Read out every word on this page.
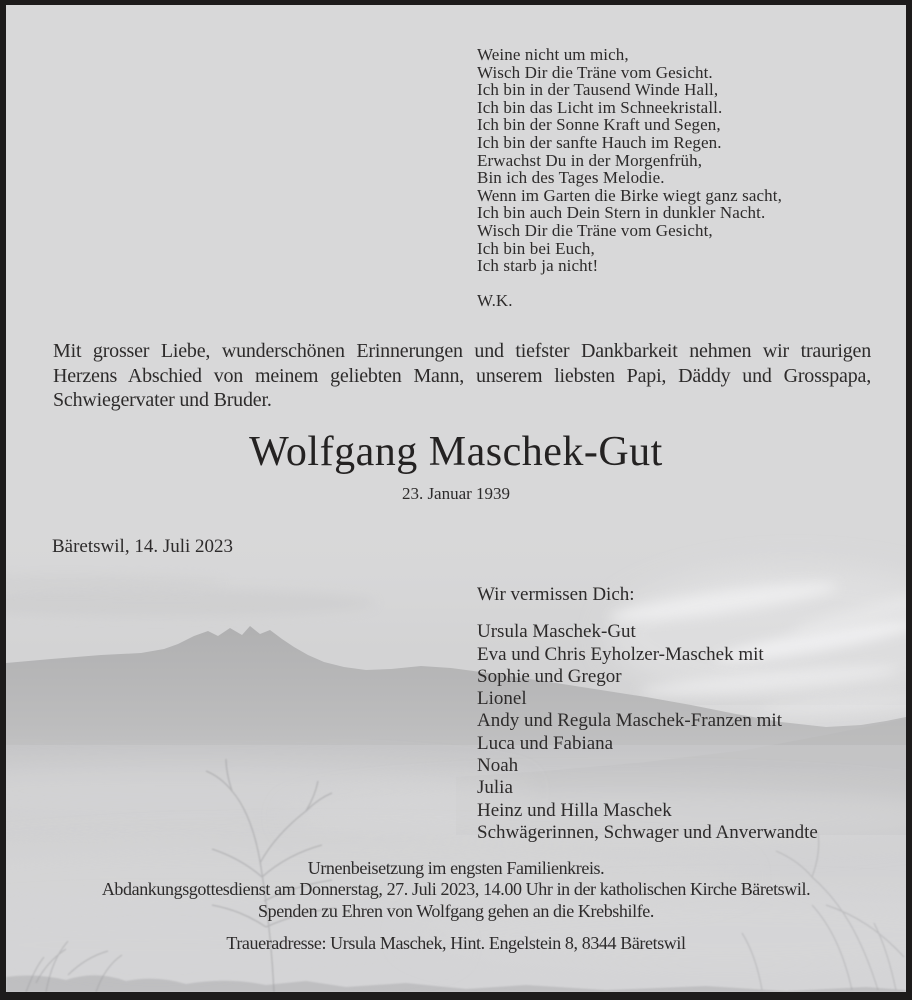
Weine nicht um mich,
Wisch Dir die Träne vom Gesicht.
Ich bin in der Tausend Winde Hall,
Ich bin das Licht im Schneekristall.
Ich bin der Sonne Kraft und Segen,
Ich bin der sanfte Hauch im Regen.
Erwachst Du in der Morgenfrüh,
Bin ich des Tages Melodie.
Wenn im Garten die Birke wiegt ganz sacht,
Ich bin auch Dein Stern in dunkler Nacht.
Wisch Dir die Träne vom Gesicht,
Ich bin bei Euch,
Ich starb ja nicht!
W.K.

Mit grosser Liebe, wunderschönen Erinnerungen und tiefster Dankbarkeit nehmen wir traurigen Herzens Abschied von meinem geliebten Mann, unserem liebsten Papi, Däddy und Grosspapa, Schwiegervater und Bruder.

Wolfgang Maschek-Gut
23. Januar 1939
Bäretswil, 14. Juli 2023
Wir vermissen Dich:
Ursula Maschek-Gut
Eva und Chris Eyholzer-Maschek mit
Sophie und Gregor
Lionel
Andy und Regula Maschek-Franzen mit
Luca und Fabiana
Noah
Julia
Heinz und Hilla Maschek
Schwägerinnen, Schwager und Anverwandte
Urnenbeisetzung im engsten Familienkreis.
Abdankungsgottesdienst am Donnerstag, 27. Juli 2023, 14.00 Uhr in der katholischen Kirche Bäretswil.
Spenden zu Ehren von Wolfgang gehen an die Krebshilfe.
Traueradresse: Ursula Maschek, Hint. Engelstein 8, 8344 Bäretswil
